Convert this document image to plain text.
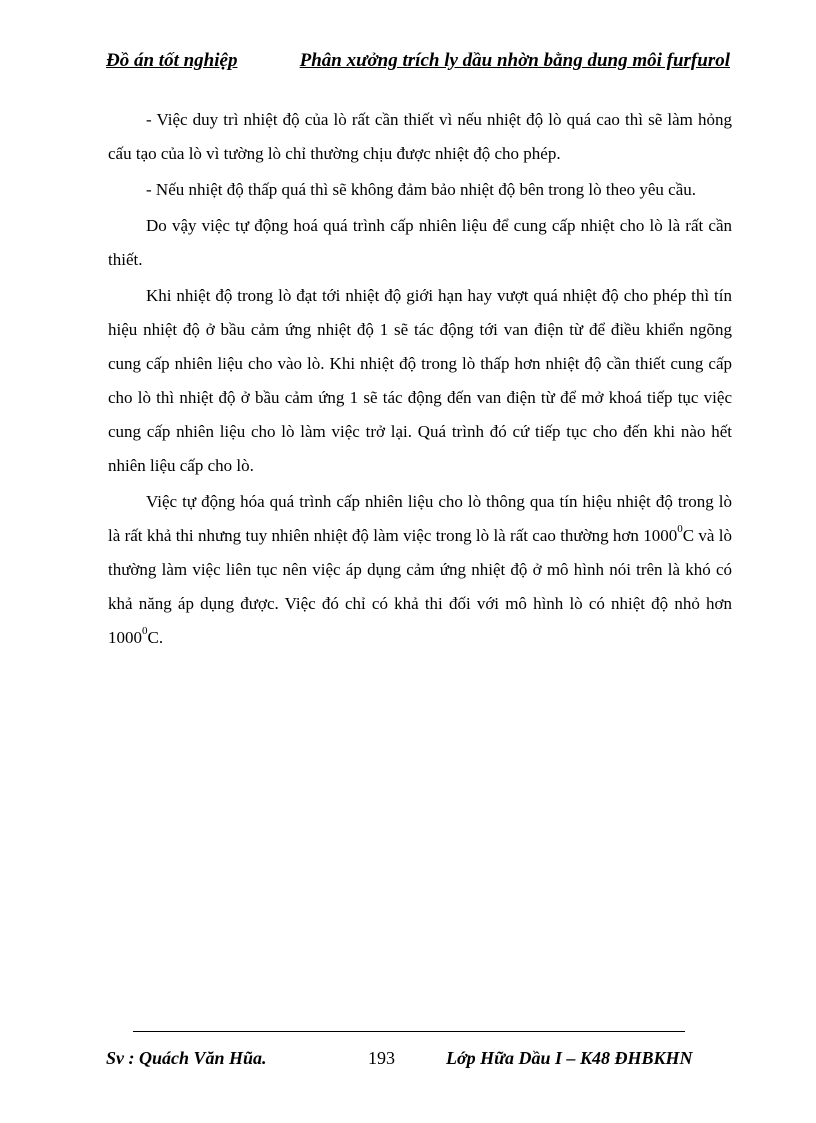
Đồ án tốt nghiệp	Phân xưởng trích ly dầu nhờn bằng dung môi furfurol

- Việc duy trì nhiệt độ của lò rất cần thiết vì nếu nhiệt độ lò quá cao thì sẽ làm hỏng cấu tạo của lò vì tường lò chỉ thường chịu được nhiệt độ cho phép.

- Nếu nhiệt độ thấp quá thì sẽ không đảm bảo nhiệt độ bên trong lò theo yêu cầu.

Do vậy việc tự động hoá quá trình cấp nhiên liệu để cung cấp nhiệt cho lò là rất cần thiết.

Khi nhiệt độ trong lò đạt tới nhiệt độ giới hạn hay vượt quá nhiệt độ cho phép thì tín hiệu nhiệt độ ở bầu cảm ứng nhiệt độ 1 sẽ tác động tới van điện từ để điều khiển ngõng cung cấp nhiên liệu cho vào lò. Khi nhiệt độ trong lò thấp hơn nhiệt độ cần thiết cung cấp cho lò thì nhiệt độ ở bầu cảm ứng 1 sẽ tác động đến van điện từ để mở khoá tiếp tục việc cung cấp nhiên liệu cho lò làm việc trở lại. Quá trình đó cứ tiếp tục cho đến khi nào hết nhiên liệu cấp cho lò.

Việc tự động hóa quá trình cấp nhiên liệu cho lò thông qua tín hiệu nhiệt độ trong lò là rất khả thi nhưng tuy nhiên nhiệt độ làm việc trong lò là rất cao thường hơn 1000$^0$C và lò thường làm việc liên tục nên việc áp dụng cảm ứng nhiệt độ ở mô hình nói trên là khó có khả năng áp dụng được. Việc đó chỉ có khả thi đối với mô hình lò có nhiệt độ nhỏ hơn 1000$^0$C.

Sv : Quách Văn Hũa.	193	Lớp Hữa Dầu I – K48 ĐHBKHN
